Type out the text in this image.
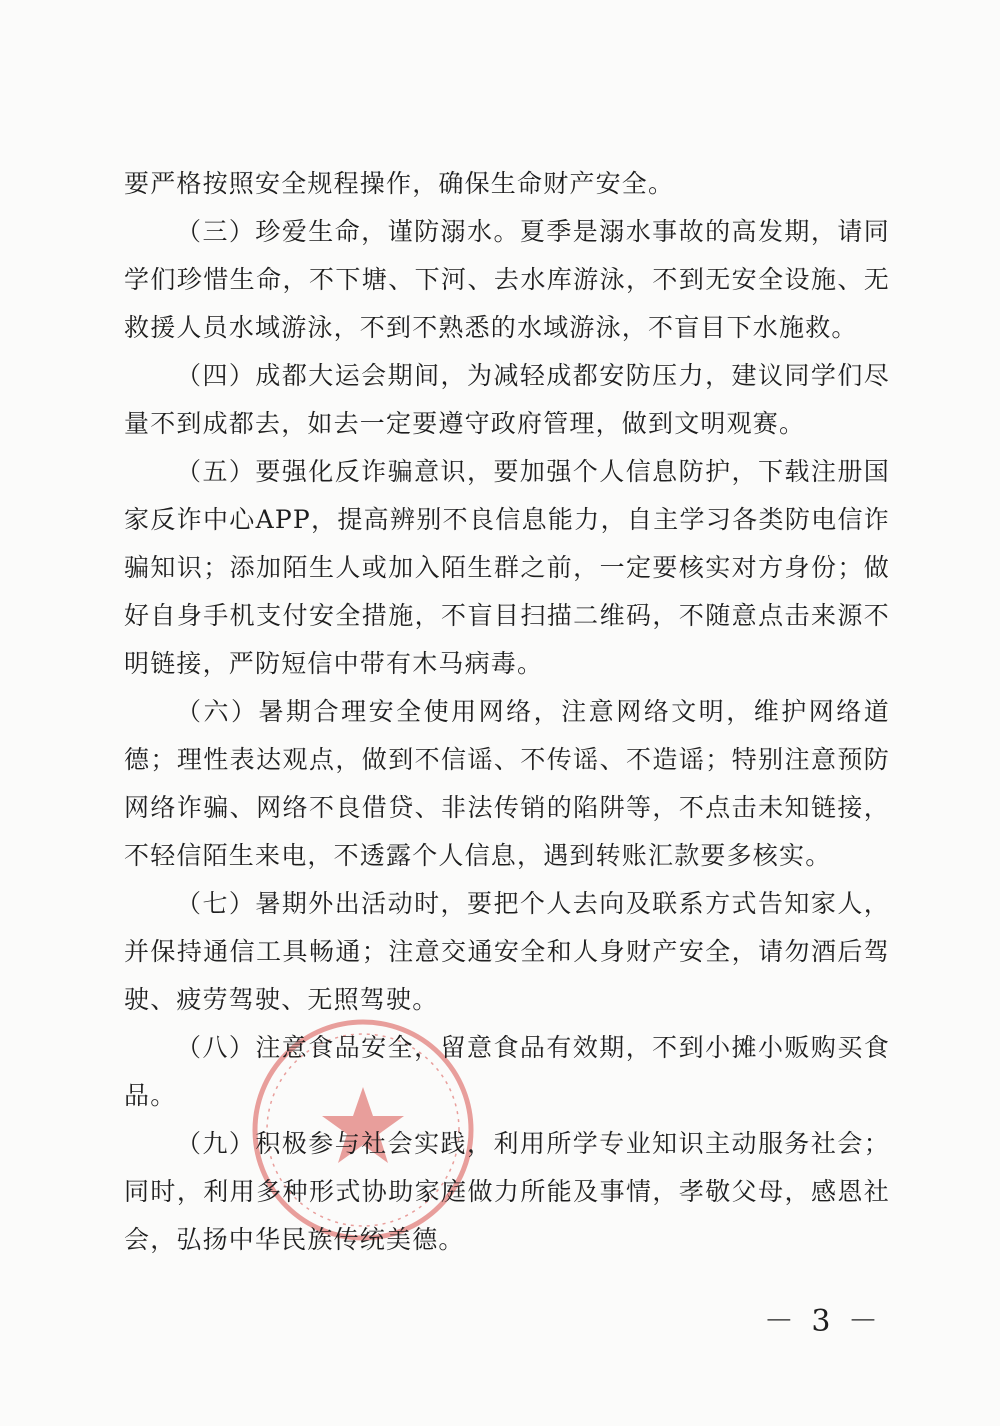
要严格按照安全规程操作，确保生命财产安全。

（三）珍爱生命，谨防溺水。夏季是溺水事故的高发期，请同学们珍惜生命，不下塘、下河、去水库游泳，不到无安全设施、无救援人员水域游泳，不到不熟悉的水域游泳，不盲目下水施救。

（四）成都大运会期间，为减轻成都安防压力，建议同学们尽量不到成都去，如去一定要遵守政府管理，做到文明观赛。

（五）要强化反诈骗意识，要加强个人信息防护，下载注册国家反诈中心APP，提高辨别不良信息能力，自主学习各类防电信诈骗知识；添加陌生人或加入陌生群之前，一定要核实对方身份；做好自身手机支付安全措施，不盲目扫描二维码，不随意点击来源不明链接，严防短信中带有木马病毒。

（六）暑期合理安全使用网络，注意网络文明，维护网络道德；理性表达观点，做到不信谣、不传谣、不造谣；特别注意预防网络诈骗、网络不良借贷、非法传销的陷阱等，不点击未知链接，不轻信陌生来电，不透露个人信息，遇到转账汇款要多核实。

（七）暑期外出活动时，要把个人去向及联系方式告知家人，并保持通信工具畅通；注意交通安全和人身财产安全，请勿酒后驾驶、疲劳驾驶、无照驾驶。

（八）注意食品安全，留意食品有效期，不到小摊小贩购买食品。

（九）积极参与社会实践，利用所学专业知识主动服务社会；同时，利用多种形式协助家庭做力所能及事情，孝敬父母，感恩社会，弘扬中华民族传统美德。

－ 3 －
